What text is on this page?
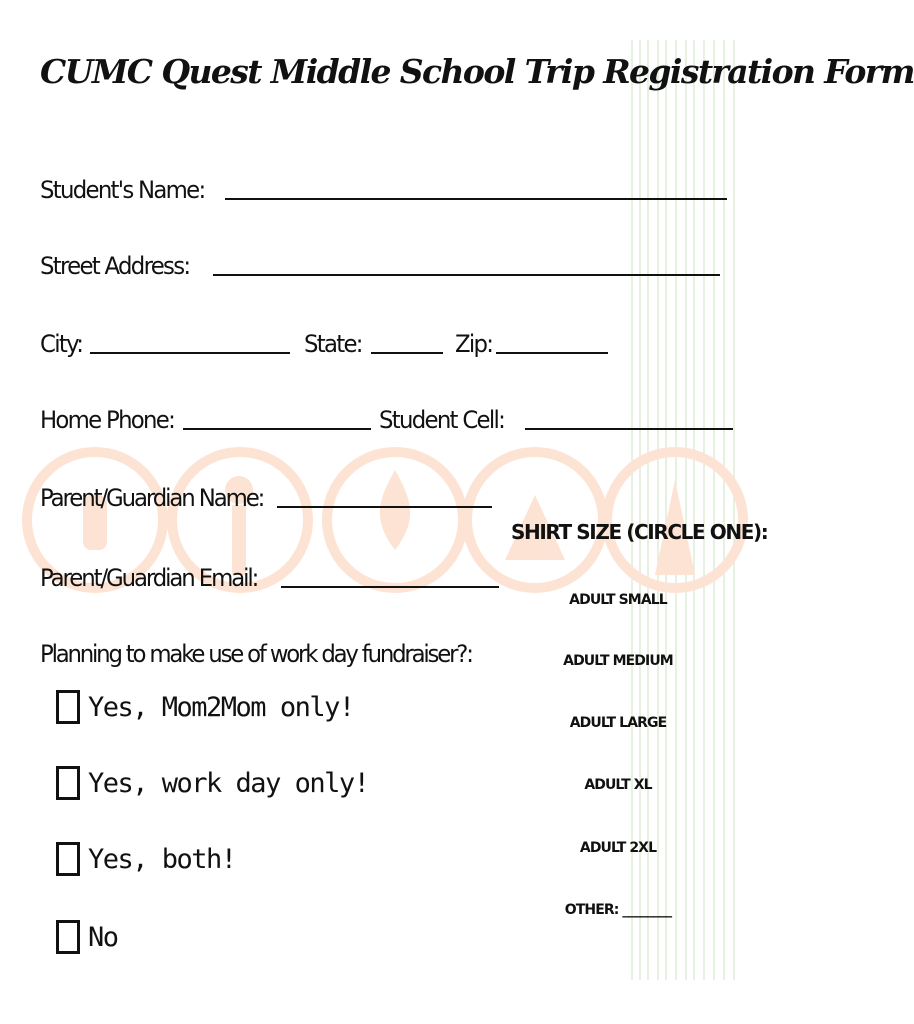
CUMC Quest Middle School Trip Registration Form
Student's Name:
Street Address:
City:	State:	Zip:
Home Phone:	Student Cell:
Parent/Guardian Name:
Parent/Guardian Email:
Planning to make use of work day fundraiser?:
Yes, Mom2Mom only!
Yes, work day only!
Yes, both!
No
SHIRT SIZE (CIRCLE ONE):
ADULT SMALL
ADULT MEDIUM
ADULT LARGE
ADULT XL
ADULT 2XL
OTHER: ________
